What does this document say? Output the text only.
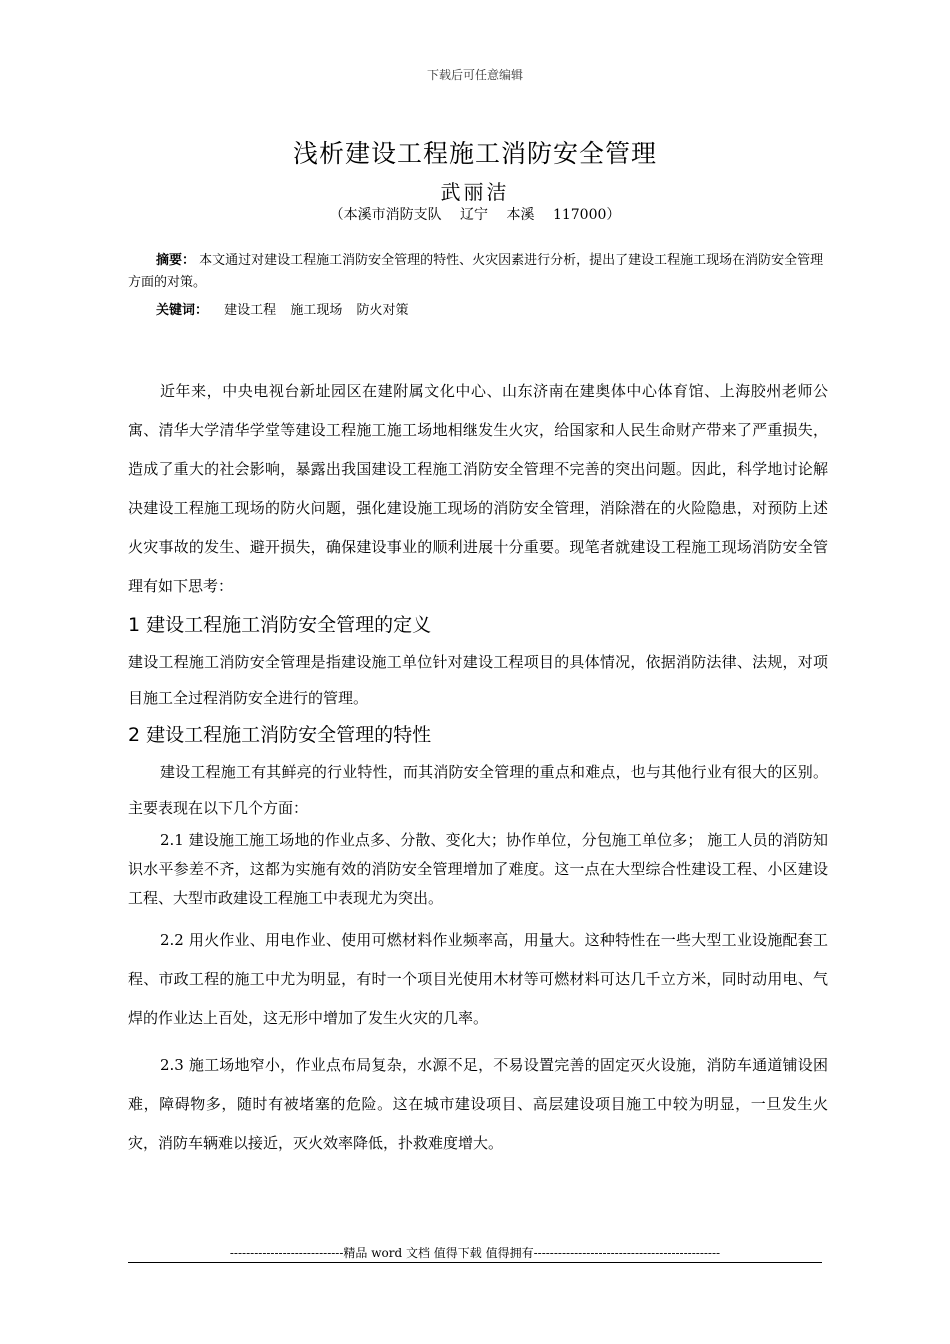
下载后可任意编辑
浅析建设工程施工消防安全管理
武丽洁
（本溪市消防支队　 辽宁　 本溪　 117000）
摘要： 本文通过对建设工程施工消防安全管理的特性、火灾因素进行分析，提出了建设工程施工现场在消防安全管理方面的对策。
关键词： 建设工程 施工现场 防火对策

近年来，中央电视台新址园区在建附属文化中心、山东济南在建奥体中心体育馆、上海胶州老师公寓、清华大学清华学堂等建设工程施工施工场地相继发生火灾，给国家和人民生命财产带来了严重损失，造成了重大的社会影响，暴露出我国建设工程施工消防安全管理不完善的突出问题。因此，科学地讨论解决建设工程施工现场的防火问题，强化建设施工现场的消防安全管理，消除潜在的火险隐患，对预防上述火灾事故的发生、避开损失，确保建设事业的顺利进展十分重要。现笔者就建设工程施工现场消防安全管理有如下思考：

1 建设工程施工消防安全管理的定义

建设工程施工消防安全管理是指建设施工单位针对建设工程项目的具体情况，依据消防法律、法规，对项目施工全过程消防安全进行的管理。

2 建设工程施工消防安全管理的特性

建设工程施工有其鲜亮的行业特性，而其消防安全管理的重点和难点，也与其他行业有很大的区别。主要表现在以下几个方面：

2.1 建设施工施工场地的作业点多、分散、变化大；协作单位，分包施工单位多； 施工人员的消防知识水平参差不齐，这都为实施有效的消防安全管理增加了难度。这一点在大型综合性建设工程、小区建设工程、大型市政建设工程施工中表现尤为突出。

2.2 用火作业、用电作业、使用可燃材料作业频率高，用量大。这种特性在一些大型工业设施配套工程、市政工程的施工中尤为明显，有时一个项目光使用木材等可燃材料可达几千立方米，同时动用电、气焊的作业达上百处，这无形中增加了发生火灾的几率。

2.3 施工场地窄小，作业点布局复杂，水源不足，不易设置完善的固定灭火设施，消防车通道铺设困难，障碍物多，随时有被堵塞的危险。这在城市建设项目、高层建设项目施工中较为明显，一旦发生火灾，消防车辆难以接近，灭火效率降低，扑救难度增大。

----------------------------精品 word 文档 值得下载 值得拥有----------------------------------------------
